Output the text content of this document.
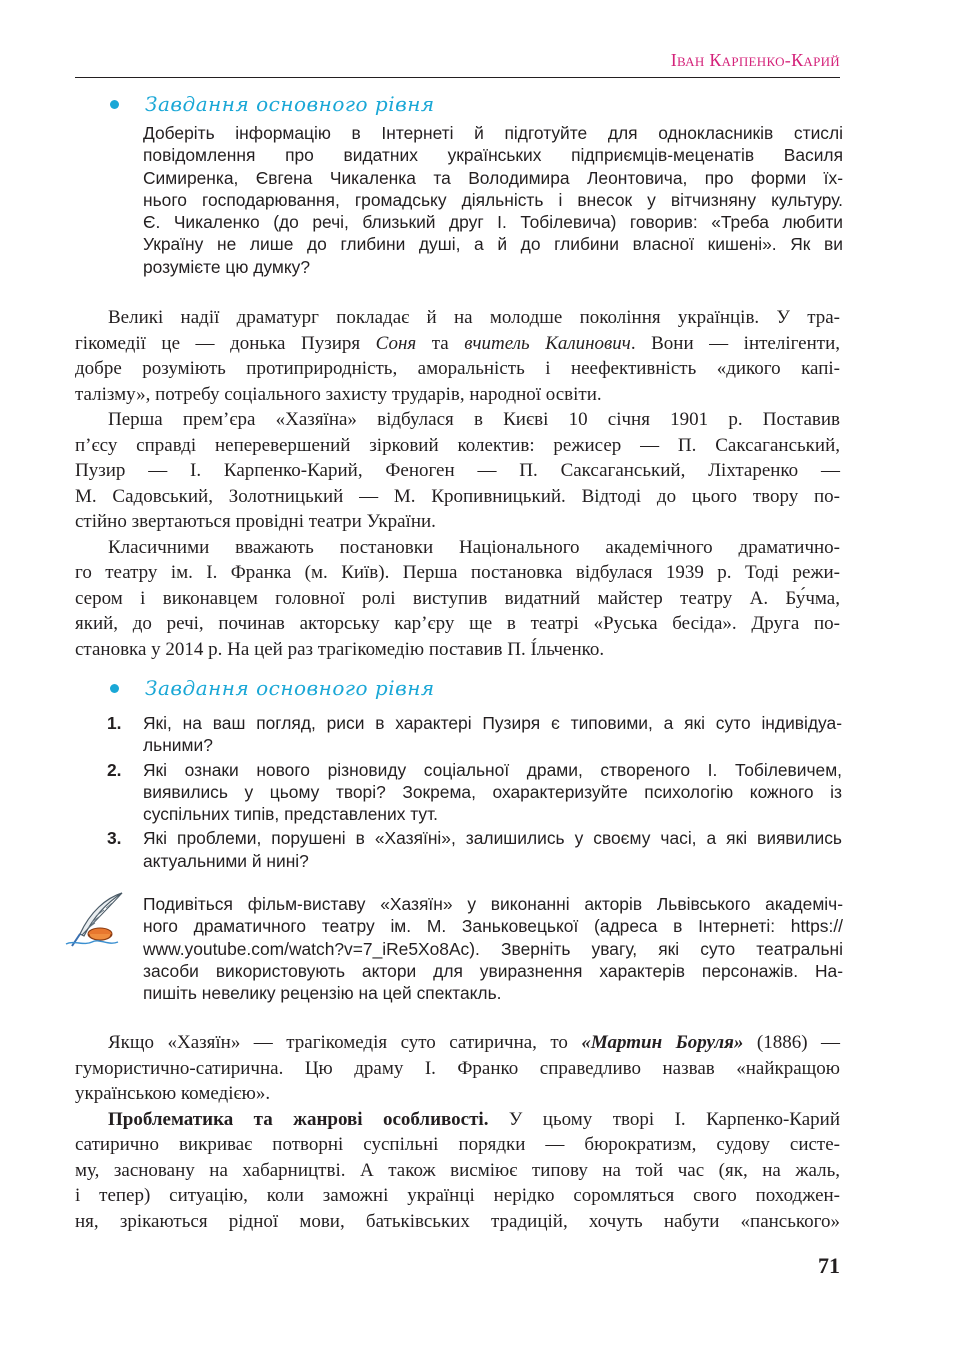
Іван Карпенко-Карий
Завдання основного рівня

Доберіть інформацію в Інтернеті й підготуйте для однокласників стислі

повідомлення про видатних українських підприємців-меценатів Василя

Симиренка, Євгена Чикаленка та Володимира Леонтовича, про форми їх-

нього господарювання, громадську діяльність і внесок у вітчизняну культуру.

Є. Чикаленко (до речі, близький друг І. Тобілевича) говорив: «Треба любити

Україну не лише до глибини душі, а й до глибини власної кишені». Як ви

розумієте цю думку?

Великі надії драматург покладає й на молодше покоління українців. У тра-

гікомедії це — донька Пузиря Соня та вчитель Калинович. Вони — інтелігенти,

добре розуміють протиприродність, аморальність і неефективність «дикого капі-

талізму», потребу соціального захисту трударів, народної освіти.

Перша прем’єра «Хазяїна» відбулася в Києві 10 січня 1901 р. Поставив

п’єсу справді неперевершений зірковий колектив: режисер — П. Саксаганський,

Пузир — І. Карпенко-Карий, Феноген — П. Саксаганський, Ліхтаренко —

М. Садовський, Золотницький — М. Кропивницький. Відтоді до цього твору по-

стійно звертаються провідні театри України.

Класичними вважають постановки Національного академічного драматично-

го театру ім. І. Франка (м. Київ). Перша постановка відбулася 1939 р. Тоді режи-

сером і виконавцем головної ролі виступив видатний майстер театру А. Бу́чма,

який, до речі, починав акторську кар’єру ще в театрі «Руська бесіда». Друга по-

становка у 2014 р. На цей раз трагікомедію поставив П. І́льченко.

Завдання основного рівня
1. Які, на ваш погляд, риси в характері Пузиря є типовими, а які суто індивідуа-

льними?

2. Які ознаки нового різновиду соціальної драми, створеного І. Тобілевичем,

виявились у цьому творі? Зокрема, охарактеризуйте психологію кожного із

суспільних типів, представлених тут.

3. Які проблеми, порушені в «Хазяїні», залишились у своєму часі, а які виявились

актуальними й нині?

Подивіться фільм-виставу «Хазяїн» у виконанні акторів Львівського академіч-

ного драматичного театру ім. М. Заньковецької (адреса в Інтернеті: https://

www.youtube.com/watch?v=7_iRe5Xo8Ac). Зверніть увагу, які суто театральні

засоби використовують актори для увиразнення характерів персонажів. На-

пишіть невелику рецензію на цей спектакль.

Якщо «Хазяїн» — трагікомедія суто сатирична, то «Мартин Боруля» (1886) —

гумористично-сатирична. Цю драму І. Франко справедливо назвав «найкращою

українською комедією».

Проблематика та жанрові особливості. У цьому творі І. Карпенко-Карий

сатирично викриває потворні суспільні порядки — бюрократизм, судову систе-

му, засновану на хабарництві. А також висміює типову на той час (як, на жаль,

і тепер) ситуацію, коли заможні українці нерідко соромляться свого походжен-

ня, зрікаються рідної мови, батьківських традицій, хочуть набути «панського»

71
